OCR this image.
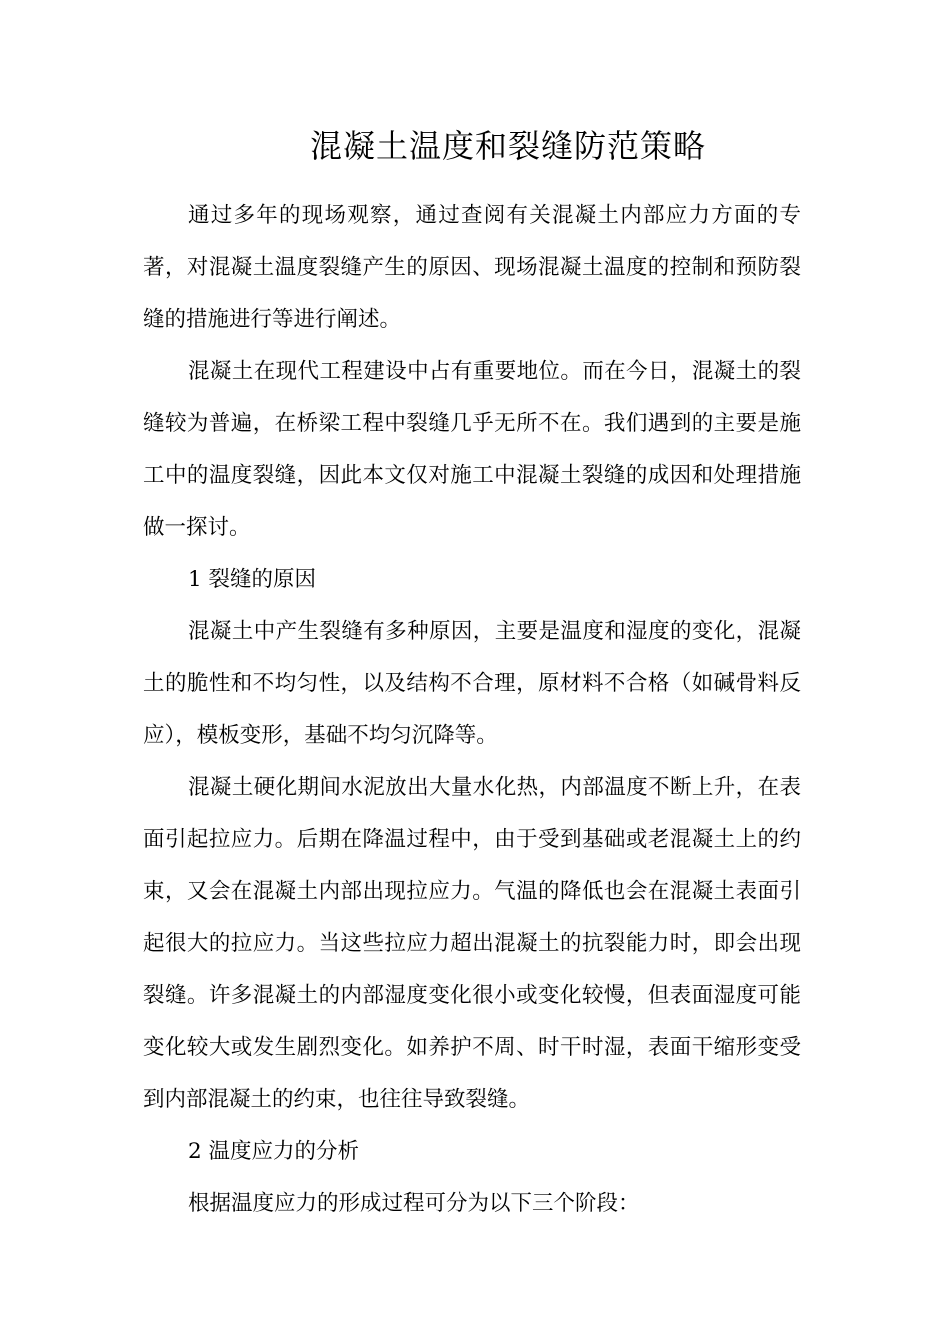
混凝土温度和裂缝防范策略

通过多年的现场观察，通过查阅有关混凝土内部应力方面的专著，对混凝土温度裂缝产生的原因、现场混凝土温度的控制和预防裂缝的措施进行等进行阐述。

混凝土在现代工程建设中占有重要地位。而在今日，混凝土的裂缝较为普遍，在桥梁工程中裂缝几乎无所不在。我们遇到的主要是施工中的温度裂缝，因此本文仅对施工中混凝土裂缝的成因和处理措施做一探讨。

1 裂缝的原因

混凝土中产生裂缝有多种原因，主要是温度和湿度的变化，混凝土的脆性和不均匀性，以及结构不合理，原材料不合格（如碱骨料反应），模板变形，基础不均匀沉降等。

混凝土硬化期间水泥放出大量水化热，内部温度不断上升，在表面引起拉应力。后期在降温过程中，由于受到基础或老混凝土上的约束，又会在混凝土内部出现拉应力。气温的降低也会在混凝土表面引起很大的拉应力。当这些拉应力超出混凝土的抗裂能力时，即会出现裂缝。许多混凝土的内部湿度变化很小或变化较慢，但表面湿度可能变化较大或发生剧烈变化。如养护不周、时干时湿，表面干缩形变受到内部混凝土的约束，也往往导致裂缝。

2 温度应力的分析

根据温度应力的形成过程可分为以下三个阶段：
